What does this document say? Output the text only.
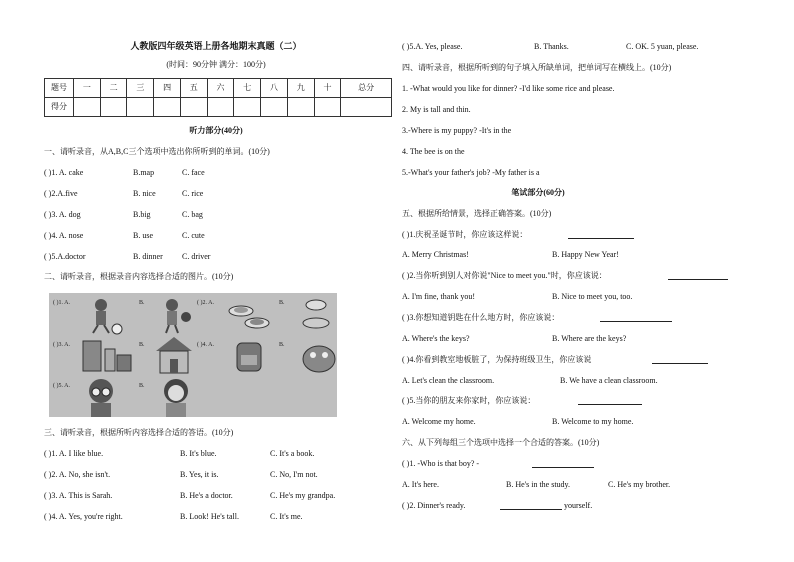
人教版四年级英语上册各地期末真题（二）
(时间：90分钟 满分：100分)
题号	一	二	三	四	五	六	七	八	九	十	总分
得分											
听力部分(40分)
一、请听录音，从A,B,C三个选项中选出你所听到的单词。(10分)
( )1. A. cake	B.map	C. face
( )2.A.five	B. nice	C. rice
( )3. A. dog	B.big	C. bag
( )4. A. nose	B. use	C. cute
( )5.A.doctor	B. dinner C. driver
二、请听录音，根据录音内容选择合适的图片。(10分)
( )1. A.	B.	( )2. A.	B.
( )3. A.	B.	( )4. A.	B.
( )5. A.	B.
三、请听录音，根据所听内容选择合适的答语。(10分)
( )1. A. I like blue.	B. It's blue.	C. It's a book.
( )2. A. No, she isn't.	B. Yes, it is.	C. No, I'm not.
( )3. A. This is Sarah.	B. He's a doctor.	C. He's my grandpa.
( )4. A. Yes, you're right.	B. Look! He's tall.	C. It's me.
( )5.A. Yes, please.	B. Thanks.	C. OK. 5 yuan, please.
四、请听录音，根据所听到的句子填入所缺单词，把单词写在横线上。(10分)
1. -What would you like for dinner? -I'd like some rice and please.
2. My is tall and thin.
3.-Where is my puppy? -It's in the
4. The bee is on the
5.-What's your father's job? -My father is a
笔试部分(60分)
五、根据所给情景，选择正确答案。(10分)
( )1.庆祝圣诞节时，你应该这样说：
A. Merry Christmas!	B. Happy New Year!
( )2.当你听到别人对你说"Nice to meet you."时，你应该说：
A. I'm fine, thank you!	B. Nice to meet you, too.
( )3.你想知道钥匙在什么地方时，你应该说：
A. Where's the keys?	B. Where are the keys?
( )4.你看到教室地板脏了，为保持班级卫生，你应该说
A. Let's clean the classroom.	B. We have a clean classroom.
( )5.当你的朋友来你家时，你应该说：
A. Welcome my home.	B. Welcome to my home.
六、从下列每组三个选项中选择一个合适的答案。(10分)
( )1. -Who is that boy? -
A. It's here.	B. He's in the study.	C. He's my brother.
( )2. Dinner's ready.	yourself.
